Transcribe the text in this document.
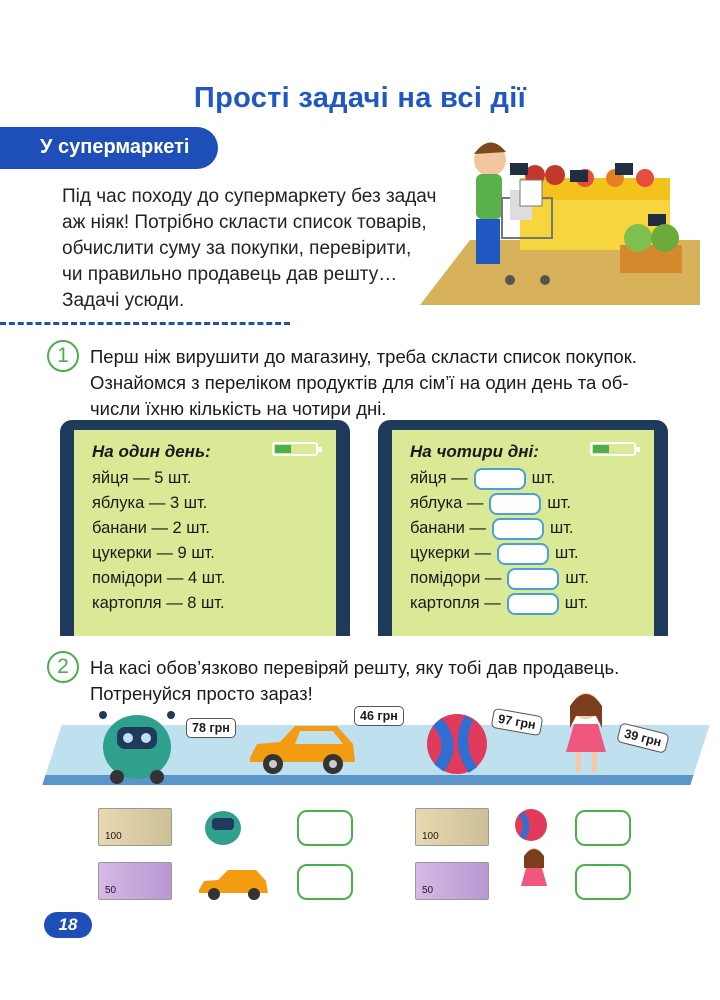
Прості задачі на всі дії
У супермаркеті
Під час походу до супермаркету без задач
аж ніяк! Потрібно скласти список товарів,
обчислити суму за покупки, перевірити,
чи правильно продавець дав решту…
Задачі усюди.
1	Перш ніж вирушити до магазину, треба скласти список покупок.
Ознайомся з переліком продуктів для сім’ї на один день та об-
числи їхню кількість на чотири дні.
На один день:
яйця — 5 шт.
яблука — 3 шт.
банани — 2 шт.
цукерки — 9 шт.
помідори — 4 шт.
картопля — 8 шт.
На чотири дні:
яйця —	шт.
яблука —	шт.
банани —	шт.
цукерки —	шт.
помідори —	шт.
картопля —	шт.
2	На касі обов’язково перевіряй решту, яку тобі дав продавець.
Потренуйся просто зараз!
78 грн
46 грн	97 грн
39 грн
100	100
50	50
18
